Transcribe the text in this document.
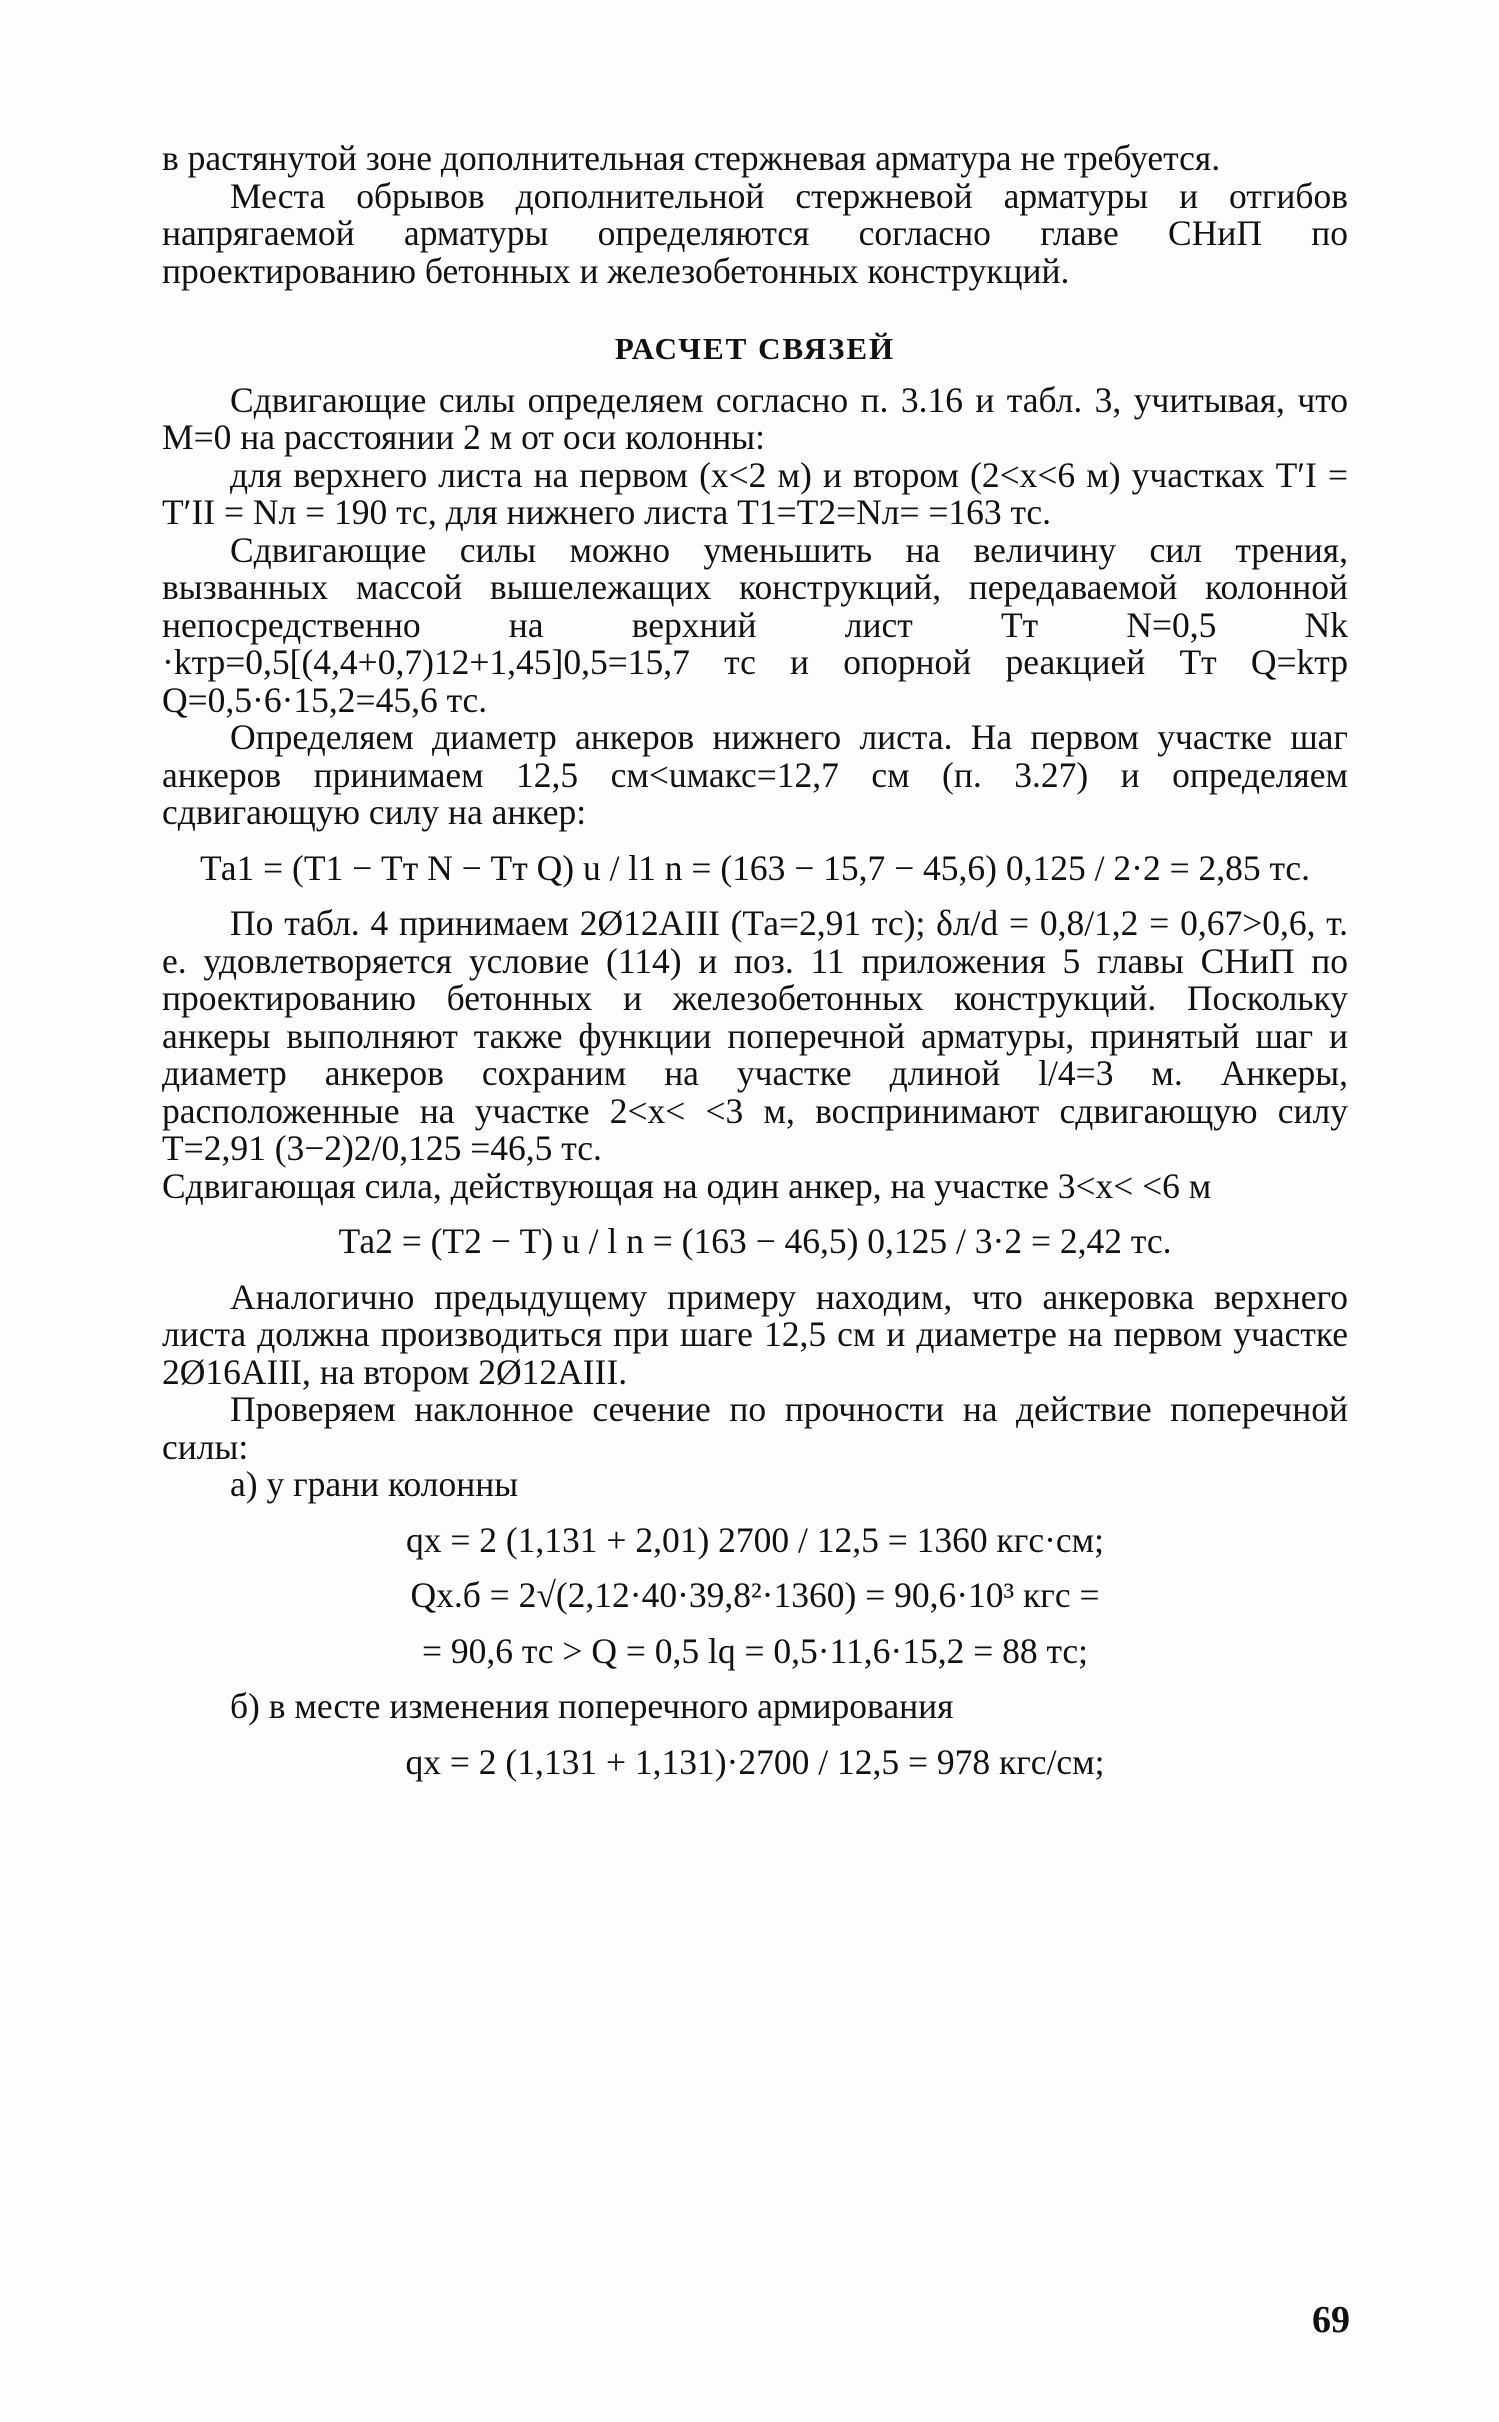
в растянутой зоне дополнительная стержневая арматура не требуется.

Места обрывов дополнительной стержневой арматуры и отгибов напрягаемой арматуры определяются согласно главе СНиП по проектированию бетонных и железобетонных конструкций.

РАСЧЕТ СВЯЗЕЙ

Сдвигающие силы определяем согласно п. 3.16 и табл. 3, учитывая, что М=0 на расстоянии 2 м от оси колонны:

для верхнего листа на первом (х<2 м) и втором (2<х<6 м) участках Т′I = Т′II = Nл = 190 тс, для нижнего листа Т1=Т2=Nл= =163 тс.

Сдвигающие силы можно уменьшить на величину сил трения, вызванных массой вышележащих конструкций, передаваемой колонной непосредственно на верхний лист Тт N=0,5 Nk ·kтр=0,5[(4,4+0,7)12+1,45]0,5=15,7 тс и опорной реакцией Тт Q=kтр Q=0,5·6·15,2=45,6 тс.

Определяем диаметр анкеров нижнего листа. На первом участке шаг анкеров принимаем 12,5 см<uмакс=12,7 см (п. 3.27) и определяем сдвигающую силу на анкер:

Та1 = (Т1 − Тт N − Тт Q) u / l1 n = (163 − 15,7 − 45,6) 0,125 / 2·2 = 2,85 тс.

По табл. 4 принимаем 2Ø12АIII (Та=2,91 тс); δл/d = 0,8/1,2 = 0,67>0,6, т. е. удовлетворяется условие (114) и поз. 11 приложения 5 главы СНиП по проектированию бетонных и железобетонных конструкций. Поскольку анкеры выполняют также функции поперечной арматуры, принятый шаг и диаметр анкеров сохраним на участке длиной l/4=3 м. Анкеры, расположенные на участке 2<х< <3 м, воспринимают сдвигающую силу Т=2,91 (3−2)2/0,125 =46,5 тс.

Сдвигающая сила, действующая на один анкер, на участке 3<х< <6 м

Та2 = (Т2 − Т) u / l n = (163 − 46,5) 0,125 / 3·2 = 2,42 тс.

Аналогично предыдущему примеру находим, что анкеровка верхнего листа должна производиться при шаге 12,5 см и диаметре на первом участке 2Ø16АIII, на втором 2Ø12АIII.

Проверяем наклонное сечение по прочности на действие поперечной силы:

а) у грани колонны

qх = 2 (1,131 + 2,01) 2700 / 12,5 = 1360 кгс·см;

Qх.б = 2√(2,12·40·39,8²·1360) = 90,6·10³ кгс =

= 90,6 тс > Q = 0,5 lq = 0,5·11,6·15,2 = 88 тс;

б) в месте изменения поперечного армирования

qх = 2 (1,131 + 1,131)·2700 / 12,5 = 978 кгс/см;

69
